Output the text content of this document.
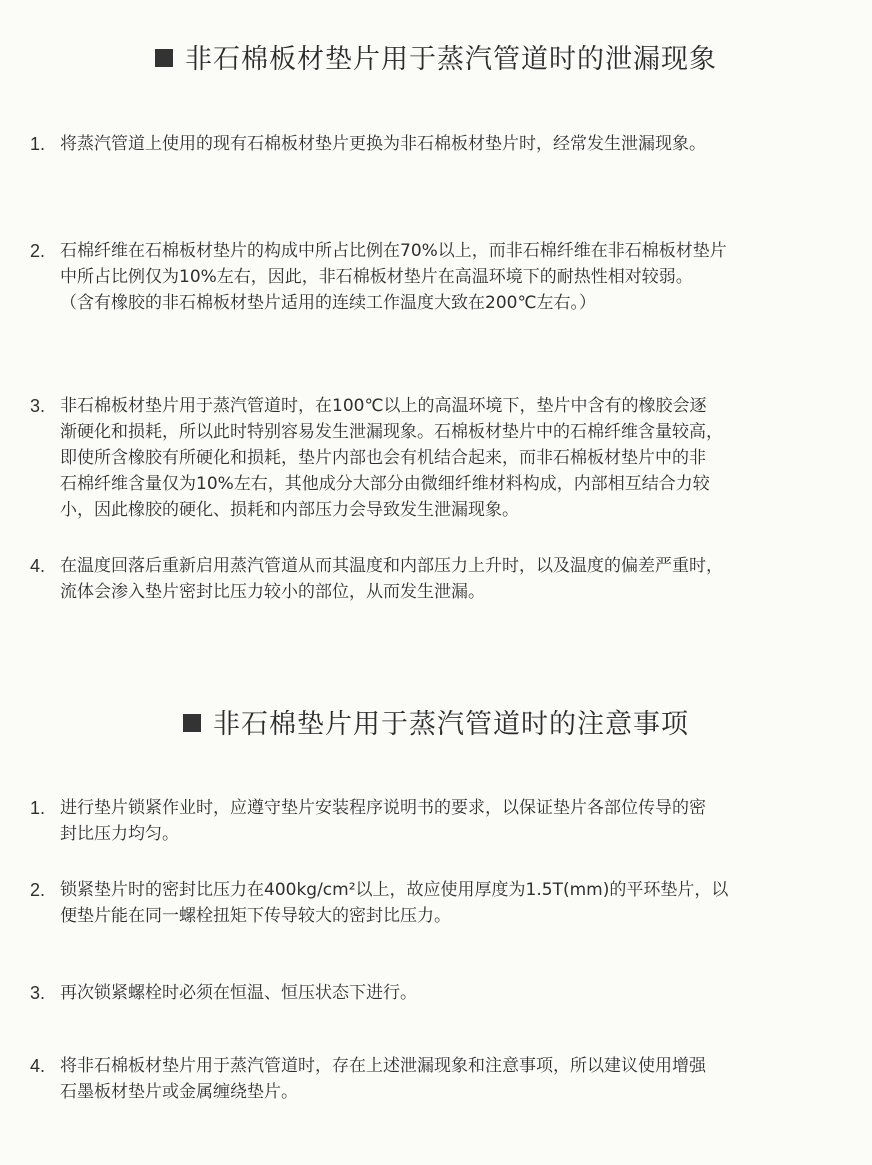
非石棉板材垫片用于蒸汽管道时的泄漏现象
1. 将蒸汽管道上使用的现有石棉板材垫片更换为非石棉板材垫片时，经常发生泄漏现象。
2. 石棉纤维在石棉板材垫片的构成中所占比例在70%以上，而非石棉纤维在非石棉板材垫片
中所占比例仅为10%左右，因此，非石棉板材垫片在高温环境下的耐热性相对较弱。
（含有橡胶的非石棉板材垫片适用的连续工作温度大致在200℃左右。）
3. 非石棉板材垫片用于蒸汽管道时，在100℃以上的高温环境下，垫片中含有的橡胶会逐
渐硬化和损耗，所以此时特别容易发生泄漏现象。石棉板材垫片中的石棉纤维含量较高，
即使所含橡胶有所硬化和损耗，垫片内部也会有机结合起来，而非石棉板材垫片中的非
石棉纤维含量仅为10%左右，其他成分大部分由微细纤维材料构成，内部相互结合力较
小，因此橡胶的硬化、损耗和内部压力会导致发生泄漏现象。
4. 在温度回落后重新启用蒸汽管道从而其温度和内部压力上升时，以及温度的偏差严重时，
流体会渗入垫片密封比压力较小的部位，从而发生泄漏。
非石棉垫片用于蒸汽管道时的注意事项
1. 进行垫片锁紧作业时，应遵守垫片安装程序说明书的要求，以保证垫片各部位传导的密
封比压力均匀。
2. 锁紧垫片时的密封比压力在400kg/cm²以上，故应使用厚度为1.5T(mm)的平环垫片，以
便垫片能在同一螺栓扭矩下传导较大的密封比压力。
3. 再次锁紧螺栓时必须在恒温、恒压状态下进行。
4. 将非石棉板材垫片用于蒸汽管道时，存在上述泄漏现象和注意事项，所以建议使用增强
石墨板材垫片或金属缠绕垫片。
